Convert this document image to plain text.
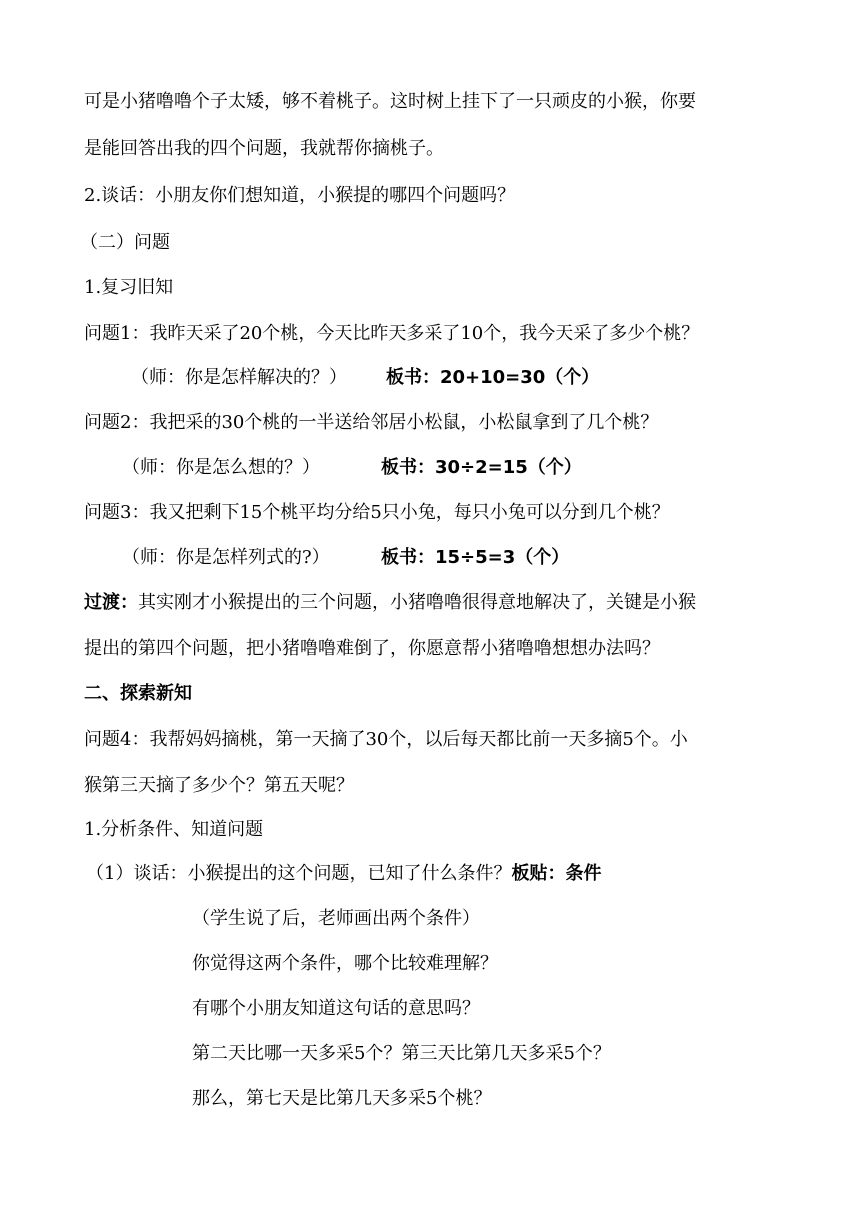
可是小猪噜噜个子太矮，够不着桃子。这时树上挂下了一只顽皮的小猴，你要
是能回答出我的四个问题，我就帮你摘桃子。
2.谈话：小朋友你们想知道，小猴提的哪四个问题吗？
（二）问题
1.复习旧知
问题1：我昨天采了20个桃，今天比昨天多采了10个，我今天采了多少个桃？
（师：你是怎样解决的？） 板书：20+10=30（个）
问题2：我把采的30个桃的一半送给邻居小松鼠，小松鼠拿到了几个桃？
（师：你是怎么想的？）	板书：30÷2=15（个）
问题3：我又把剩下15个桃平均分给5只小兔，每只小兔可以分到几个桃？
（师：你是怎样列式的?）	板书：15÷5=3（个）
过渡：其实刚才小猴提出的三个问题，小猪噜噜很得意地解决了，关键是小猴
提出的第四个问题，把小猪噜噜难倒了，你愿意帮小猪噜噜想想办法吗？
二、探索新知
问题4：我帮妈妈摘桃，第一天摘了30个，以后每天都比前一天多摘5个。小
猴第三天摘了多少个？第五天呢？
1.分析条件、知道问题
（1）谈话：小猴提出的这个问题，已知了什么条件？板贴：条件
（学生说了后，老师画出两个条件）
你觉得这两个条件，哪个比较难理解？
有哪个小朋友知道这句话的意思吗？
第二天比哪一天多采5个？第三天比第几天多采5个？
那么，第七天是比第几天多采5个桃？
